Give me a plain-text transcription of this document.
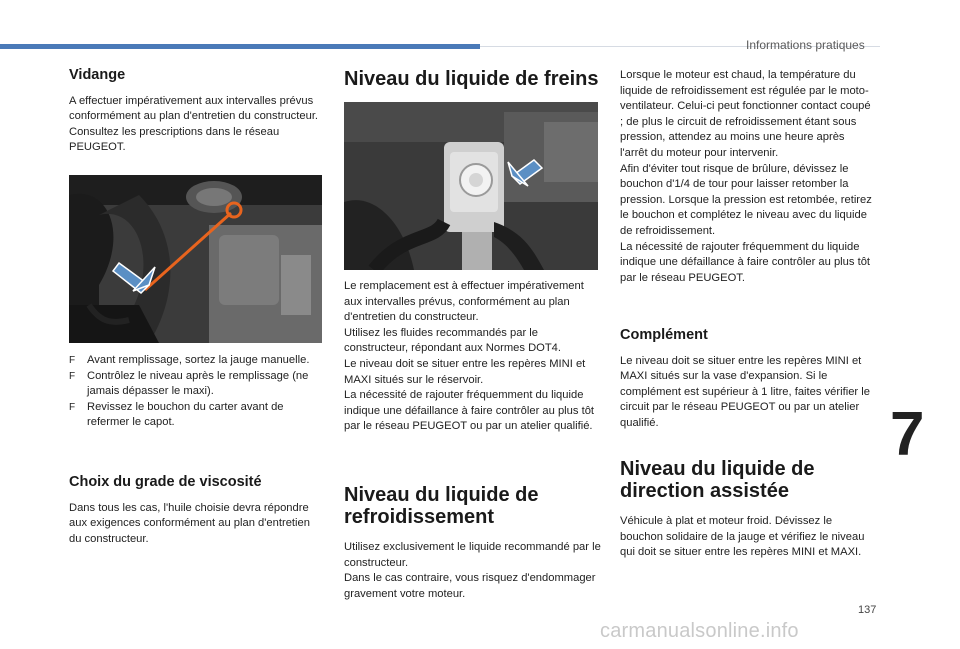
Informations pratiques
Vidange

A effectuer impérativement aux intervalles prévus conformément au plan d'entretien du constructeur. Consultez les prescriptions dans le réseau PEUGEOT.

F Avant remplissage, sortez la jauge manuelle.
F Contrôlez le niveau après le remplissage (ne jamais dépasser le maxi).
F Revissez le bouchon du carter avant de refermer le capot.
Choix du grade de viscosité

Dans tous les cas, l'huile choisie devra répondre aux exigences conformément au plan d'entretien du constructeur.

Niveau du liquide de freins

Le remplacement est à effectuer impérativement aux intervalles prévus, conformément au plan d'entretien du constructeur.

Utilisez les fluides recommandés par le constructeur, répondant aux Normes DOT4.

Le niveau doit se situer entre les repères MINI et MAXI situés sur le réservoir.

La nécessité de rajouter fréquemment du liquide indique une défaillance à faire contrôler au plus tôt par le réseau PEUGEOT ou par un atelier qualifié.

Niveau du liquide de
refroidissement

Utilisez exclusivement le liquide recommandé par le constructeur.

Dans le cas contraire, vous risquez d'endommager gravement votre moteur.

Lorsque le moteur est chaud, la température du liquide de refroidissement est régulée par le moto-ventilateur. Celui-ci peut fonctionner contact coupé ; de plus le circuit de refroidissement étant sous pression, attendez au moins une heure après l'arrêt du moteur pour intervenir.

Afin d'éviter tout risque de brûlure, dévissez le bouchon d'1/4 de tour pour laisser retomber la pression. Lorsque la pression est retombée, retirez le bouchon et complétez le niveau avec du liquide de refroidissement.

La nécessité de rajouter fréquemment du liquide indique une défaillance à faire contrôler au plus tôt par le réseau PEUGEOT.

Complément

Le niveau doit se situer entre les repères MINI et MAXI situés sur la vase d'expansion. Si le complément est supérieur à 1 litre, faites vérifier le circuit par le réseau PEUGEOT ou par un atelier qualifié.

Niveau du liquide de
direction assistée

Véhicule à plat et moteur froid. Dévissez le bouchon solidaire de la jauge et vérifiez le niveau qui doit se situer entre les repères MINI et MAXI.

7
137
carmanualsonline.info
